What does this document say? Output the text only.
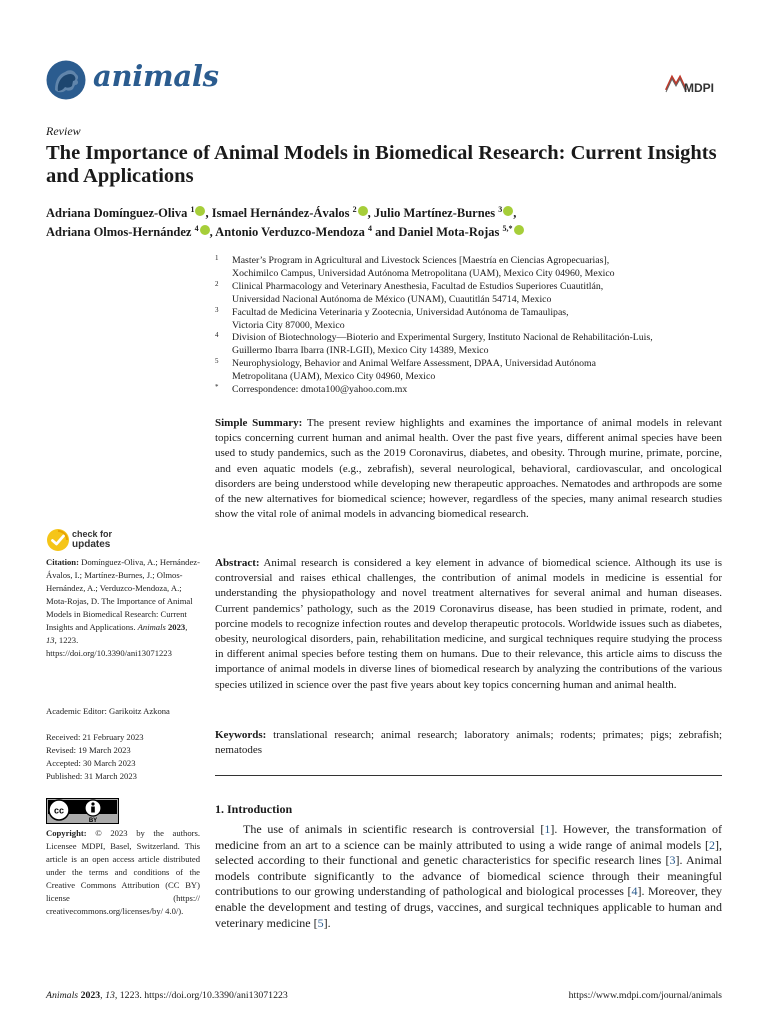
animals	MDPI
Review
The Importance of Animal Models in Biomedical Research: Current Insights and Applications
Adriana Domínguez-Oliva $^1$ , Ismael Hernández-Ávalos $^2$ , Julio Martínez-Burnes $^3$ ,
Adriana Olmos-Hernández $^4$ , Antonio Verduzco-Mendoza $^4$ and Daniel Mota-Rojas $^{5,*}$
1 Master’s Program in Agricultural and Livestock Sciences [Maestría en Ciencias Agropecuarias],
Xochimilco Campus, Universidad Autónoma Metropolitana (UAM), Mexico City 04960, Mexico
2 Clinical Pharmacology and Veterinary Anesthesia, Facultad de Estudios Superiores Cuautitlán,
Universidad Nacional Autónoma de México (UNAM), Cuautitlán 54714, Mexico
3 Facultad de Medicina Veterinaria y Zootecnia, Universidad Autónoma de Tamaulipas,
Victoria City 87000, Mexico
4 Division of Biotechnology—Bioterio and Experimental Surgery, Instituto Nacional de Rehabilitación-Luis,
Guillermo Ibarra Ibarra (INR-LGII), Mexico City 14389, Mexico
5 Neurophysiology, Behavior and Animal Welfare Assessment, DPAA, Universidad Autónoma
Metropolitana (UAM), Mexico City 04960, Mexico
* Correspondence: dmota100@yahoo.com.mx
Simple Summary: The present review highlights and examines the importance of animal models in relevant topics concerning current human and animal health. Over the past five years, different animal species have been used to study pandemics, such as the 2019 Coronavirus, diabetes, and obesity. Through murine, primate, porcine, and even aquatic models (e.g., zebrafish), several neurological, behavioral, cardiovascular, and oncological disorders are being understood while developing new therapeutic approaches. Nematodes and arthropods are some of the new alternatives for biomedical science; however, regardless of the species, many animal research studies show the vital role of animal models in advancing biomedical research.
Abstract: Animal research is considered a key element in advance of biomedical science. Although its use is controversial and raises ethical challenges, the contribution of animal models in medicine is essential for understanding the physiopathology and novel treatment alternatives for several animal and human diseases. Current pandemics’ pathology, such as the 2019 Coronavirus disease, has been studied in primate, rodent, and porcine models to recognize infection routes and develop therapeutic protocols. Worldwide issues such as diabetes, obesity, neurological disorders, pain, rehabilitation medicine, and surgical techniques require studying the process in different animal species before testing them on humans. Due to their relevance, this article aims to discuss the importance of animal models in diverse lines of biomedical research by analyzing the contributions of the various species utilized in science over the past five years about key topics concerning human and animal health.
Keywords: translational research; animal research; laboratory animals; rodents; primates; pigs; zebrafish; nematodes
1. Introduction
The use of animals in scientific research is controversial [1]. However, the transformation of medicine from an art to a science can be mainly attributed to using a wide range of animal models [2], selected according to their functional and genetic characteristics for specific research lines [3]. Animal models contribute significantly to the advance of biomedical science through their meaningful contributions to our growing understanding of pathological and biological processes [4]. Moreover, they enable the development and testing of drugs, vaccines, and surgical techniques applicable to human and veterinary medicine [5].
check for
updates
Citation: Domínguez-Oliva, A.; Hernández-Ávalos, I.; Martínez-Burnes, J.; Olmos-Hernández, A.; Verduzco-Mendoza, A.; Mota-Rojas, D. The Importance of Animal Models in Biomedical Research: Current Insights and Applications. Animals 2023, 13, 1223. https://doi.org/10.3390/ani13071223
Academic Editor: Garikoitz Azkona
Received: 21 February 2023
Revised: 19 March 2023
Accepted: 30 March 2023
Published: 31 March 2023
cc
BY
Copyright: © 2023 by the authors. Licensee MDPI, Basel, Switzerland. This article is an open access article distributed under the terms and conditions of the Creative Commons Attribution (CC BY) license (https:// creativecommons.org/licenses/by/ 4.0/).
Animals 2023, 13, 1223. https://doi.org/10.3390/ani13071223	https://www.mdpi.com/journal/animals
